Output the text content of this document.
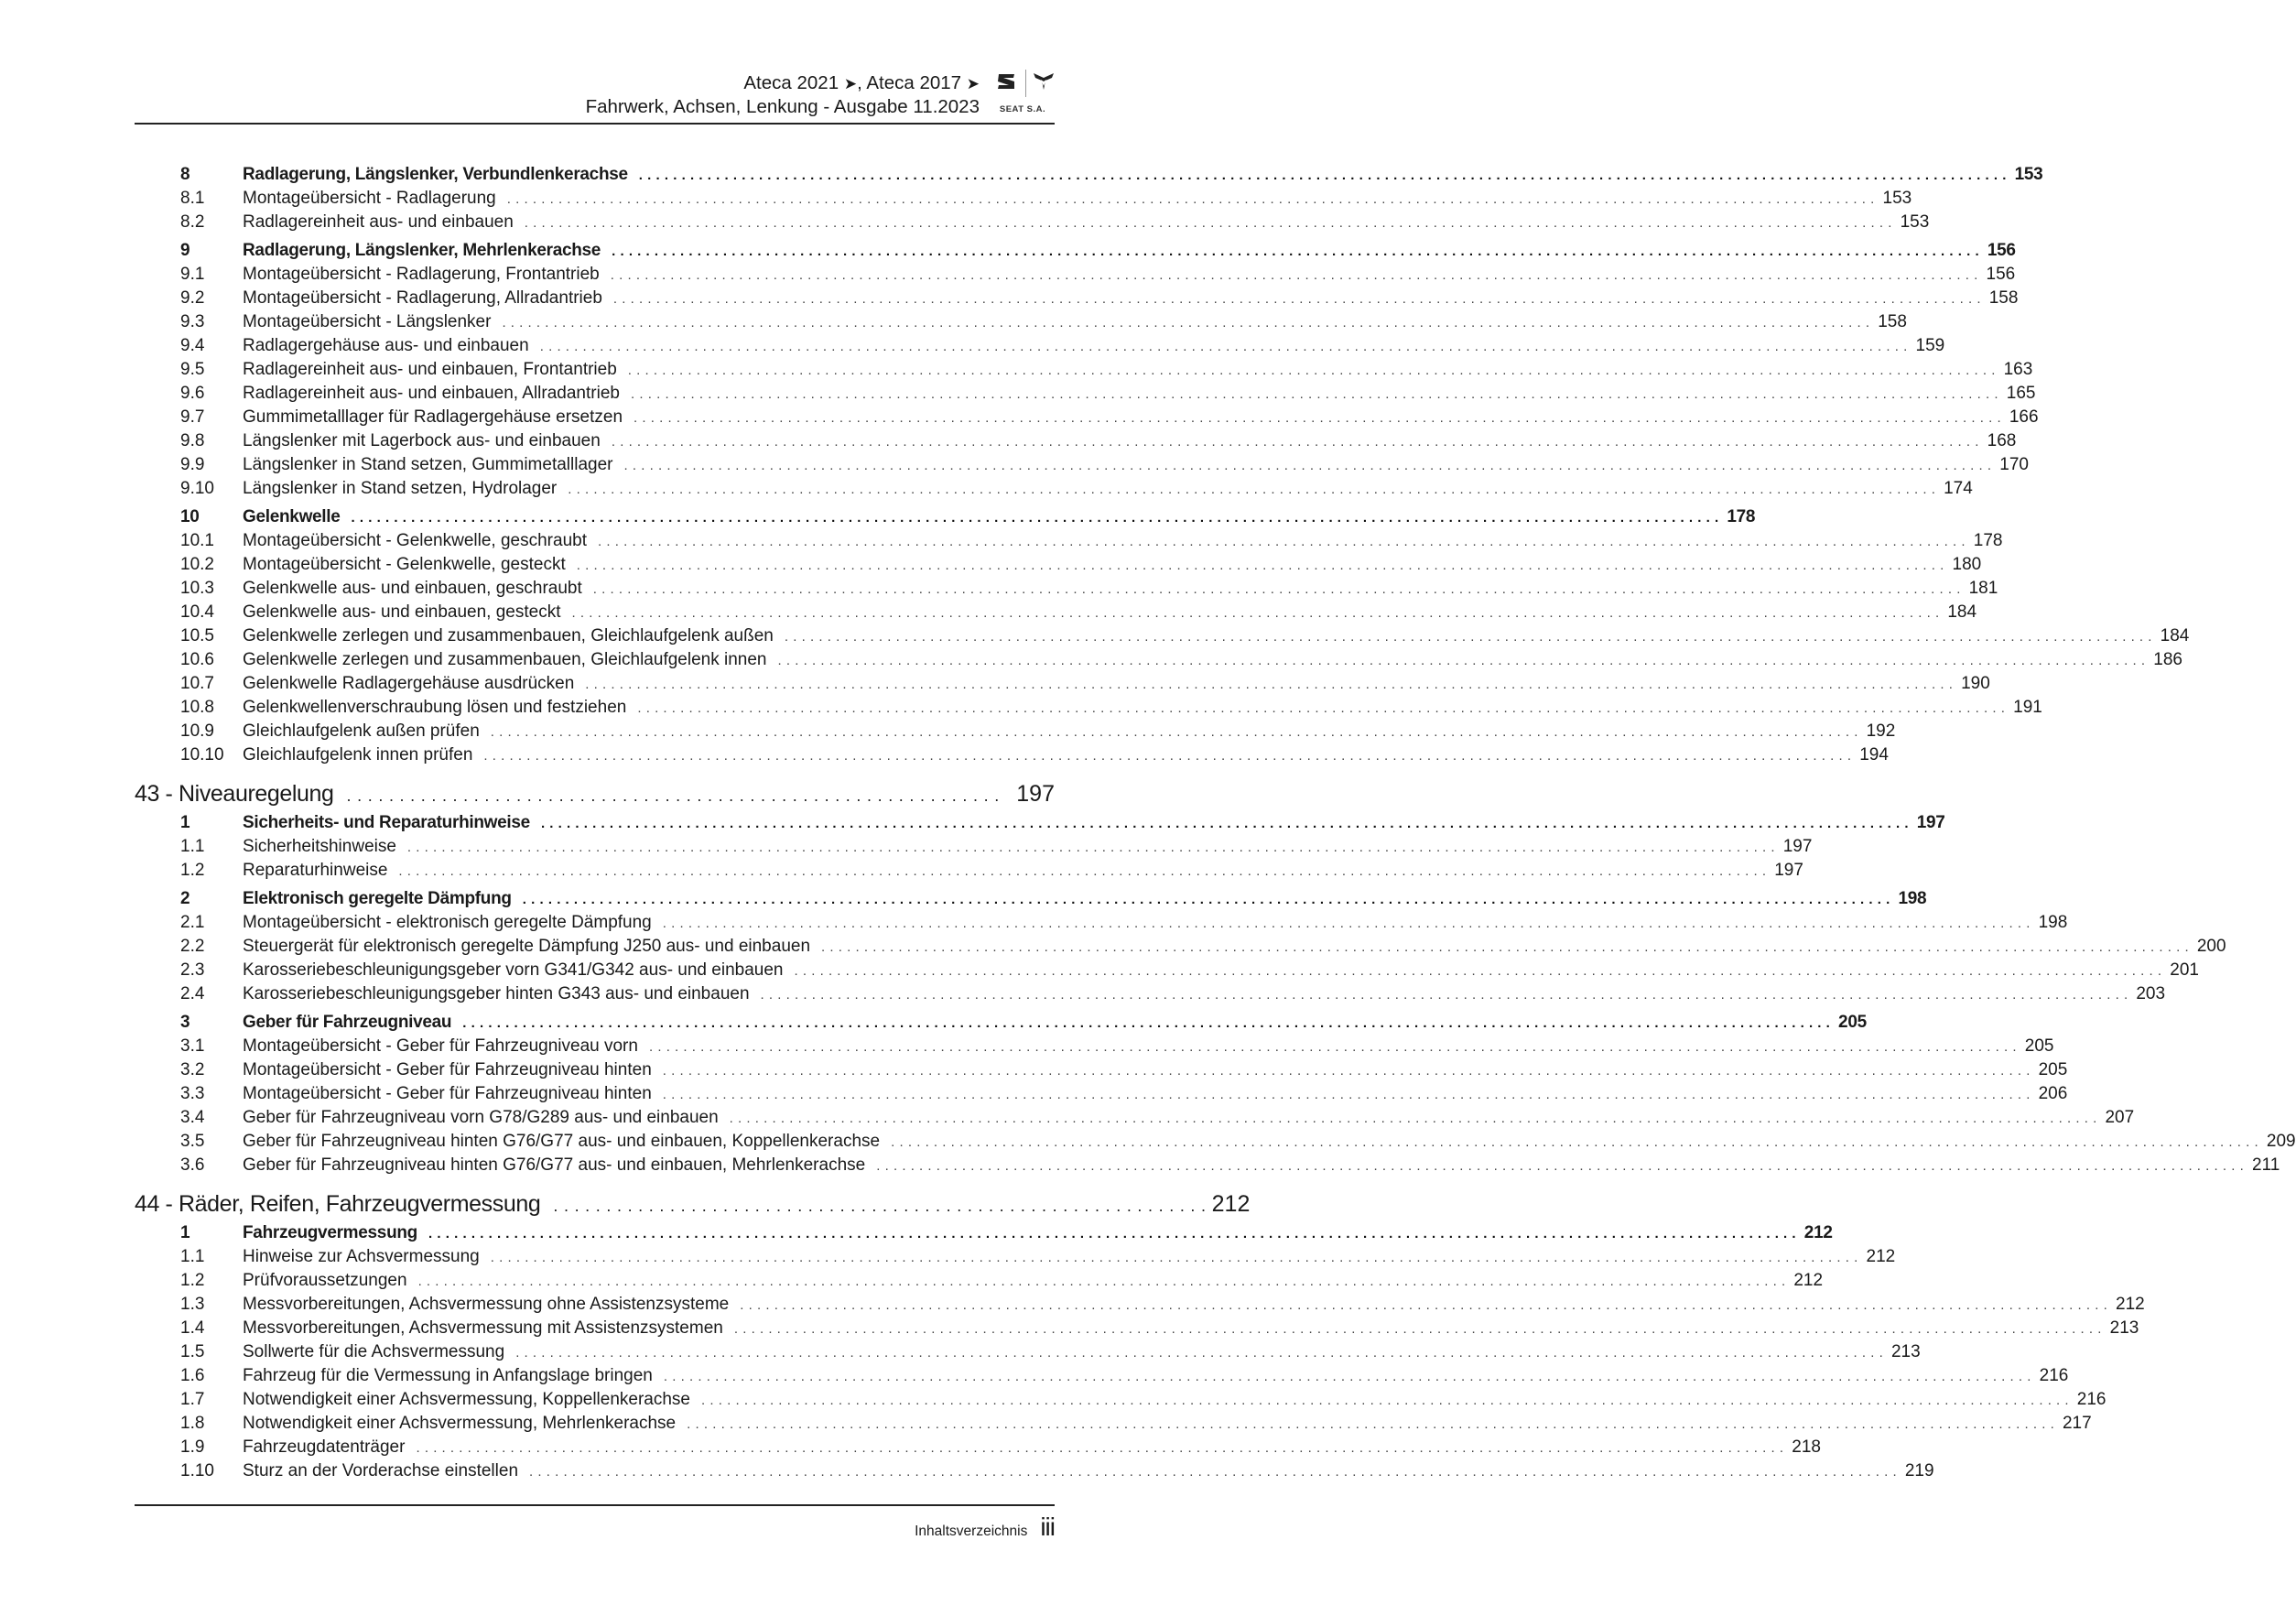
Ateca 2021 ➤, Ateca 2017 ➤
Fahrwerk, Achsen, Lenkung - Ausgabe 11.2023	SEAT S.A.
8	Radlagerung, Längslenker, Verbundlenkerachse ................................................................................................................................................................ 153
8.1	Montageübersicht - Radlagerung ................................................................................................................................................................ 153
8.2	Radlagereinheit aus- und einbauen ................................................................................................................................................................ 153
9	Radlagerung, Längslenker, Mehrlenkerachse ................................................................................................................................................................ 156
9.1	Montageübersicht - Radlagerung, Frontantrieb ................................................................................................................................................................ 156
9.2	Montageübersicht - Radlagerung, Allradantrieb ................................................................................................................................................................ 158
9.3	Montageübersicht - Längslenker ................................................................................................................................................................ 158
9.4	Radlagergehäuse aus- und einbauen ................................................................................................................................................................ 159
9.5	Radlagereinheit aus- und einbauen, Frontantrieb ................................................................................................................................................................ 163
9.6	Radlagereinheit aus- und einbauen, Allradantrieb ................................................................................................................................................................ 165
9.7	Gummimetalllager für Radlagergehäuse ersetzen ................................................................................................................................................................ 166
9.8	Längslenker mit Lagerbock aus- und einbauen ................................................................................................................................................................ 168
9.9	Längslenker in Stand setzen, Gummimetalllager ................................................................................................................................................................ 170
9.10	Längslenker in Stand setzen, Hydrolager ................................................................................................................................................................ 174
10	Gelenkwelle ................................................................................................................................................................ 178
10.1	Montageübersicht - Gelenkwelle, geschraubt ................................................................................................................................................................ 178
10.2	Montageübersicht - Gelenkwelle, gesteckt ................................................................................................................................................................ 180
10.3	Gelenkwelle aus- und einbauen, geschraubt ................................................................................................................................................................ 181
10.4	Gelenkwelle aus- und einbauen, gesteckt ................................................................................................................................................................ 184
10.5	Gelenkwelle zerlegen und zusammenbauen, Gleichlaufgelenk außen ................................................................................................................................................................ 184
10.6	Gelenkwelle zerlegen und zusammenbauen, Gleichlaufgelenk innen ................................................................................................................................................................ 186
10.7	Gelenkwelle Radlagergehäuse ausdrücken ................................................................................................................................................................ 190
10.8	Gelenkwellenverschraubung lösen und festziehen ................................................................................................................................................................ 191
10.9	Gleichlaufgelenk außen prüfen ................................................................................................................................................................ 192
10.10	Gleichlaufgelenk innen prüfen ................................................................................................................................................................ 194
43 - Niveauregelung .............................................................. 197
1	Sicherheits- und Reparaturhinweise ................................................................................................................................................................ 197
1.1	Sicherheitshinweise ................................................................................................................................................................ 197
1.2	Reparaturhinweise ................................................................................................................................................................ 197
2	Elektronisch geregelte Dämpfung ................................................................................................................................................................ 198
2.1	Montageübersicht - elektronisch geregelte Dämpfung ................................................................................................................................................................ 198
2.2	Steuergerät für elektronisch geregelte Dämpfung J250 aus- und einbauen ................................................................................................................................................................ 200
2.3	Karosseriebeschleunigungsgeber vorn G341/G342 aus- und einbauen ................................................................................................................................................................ 201
2.4	Karosseriebeschleunigungsgeber hinten G343 aus- und einbauen ................................................................................................................................................................ 203
3	Geber für Fahrzeugniveau ................................................................................................................................................................ 205
3.1	Montageübersicht - Geber für Fahrzeugniveau vorn ................................................................................................................................................................ 205
3.2	Montageübersicht - Geber für Fahrzeugniveau hinten ................................................................................................................................................................ 205
3.3	Montageübersicht - Geber für Fahrzeugniveau hinten ................................................................................................................................................................ 206
3.4	Geber für Fahrzeugniveau vorn G78/G289 aus- und einbauen ................................................................................................................................................................ 207
3.5	Geber für Fahrzeugniveau hinten G76/G77 aus- und einbauen, Koppellenkerachse ................................................................................................................................................................ 209
3.6	Geber für Fahrzeugniveau hinten G76/G77 aus- und einbauen, Mehrlenkerachse ................................................................................................................................................................ 211
44 - Räder, Reifen, Fahrzeugvermessung .............................................................. 212
1	Fahrzeugvermessung ................................................................................................................................................................ 212
1.1	Hinweise zur Achsvermessung ................................................................................................................................................................ 212
1.2	Prüfvoraussetzungen ................................................................................................................................................................ 212
1.3	Messvorbereitungen, Achsvermessung ohne Assistenzsysteme ................................................................................................................................................................ 212
1.4	Messvorbereitungen, Achsvermessung mit Assistenzsystemen ................................................................................................................................................................ 213
1.5	Sollwerte für die Achsvermessung ................................................................................................................................................................ 213
1.6	Fahrzeug für die Vermessung in Anfangslage bringen ................................................................................................................................................................ 216
1.7	Notwendigkeit einer Achsvermessung, Koppellenkerachse ................................................................................................................................................................ 216
1.8	Notwendigkeit einer Achsvermessung, Mehrlenkerachse ................................................................................................................................................................ 217
1.9	Fahrzeugdatenträger ................................................................................................................................................................ 218
1.10	Sturz an der Vorderachse einstellen ................................................................................................................................................................ 219
Inhaltsverzeichnis iii
